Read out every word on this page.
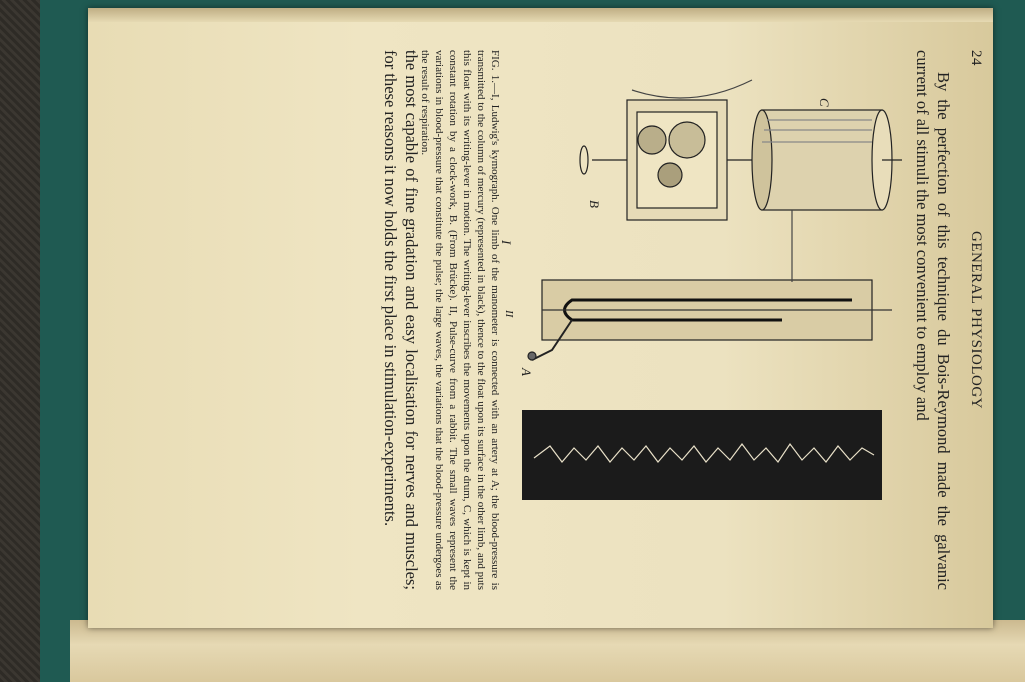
24
GENERAL PHYSIOLOGY
By the perfection of this technique du Bois-Reymond made the galvanic current of all stimuli the most convenient to employ and
C
B
A
I
II
FIG. 1.—I, Ludwig's kymograph. One limb of the manometer is connected with an artery at A; the blood-pressure is transmitted to the column of mercury (represented in black), thence to the float upon its surface in the other limb, and puts this float with its writing-lever in motion. The writing-lever inscribes the movements upon the drum, C, which is kept in constant rotation by a clock-work, B. (From Brücke). II, Pulse-curve from a rabbit. The small waves represent the variations in blood-pressure that constitute the pulse; the large waves, the variations that the blood-pressure undergoes as the result of respiration.
the most capable of fine gradation and easy localisation for nerves and muscles; for these reasons it now holds the first place in stimulation-experiments.
